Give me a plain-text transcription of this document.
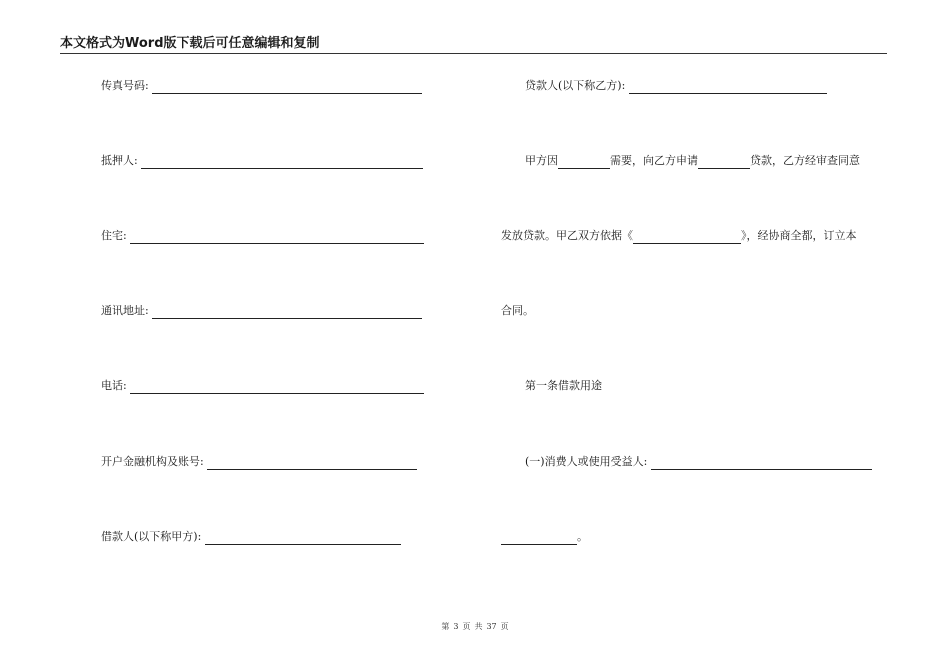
本文格式为Word版下载后可任意编辑和复制
传真号码:
抵押人:
住宅:
通讯地址:
电话:
开户金融机构及账号:
借款人(以下称甲方):
贷款人(以下称乙方):
甲方因	需要，向乙方申请	贷款，乙方经审查同意
发放贷款。甲乙双方依据《	》，经协商全都，订立本
合同。
第一条借款用途
(一)消费人或使用受益人:
。
第 3 页 共 37 页
